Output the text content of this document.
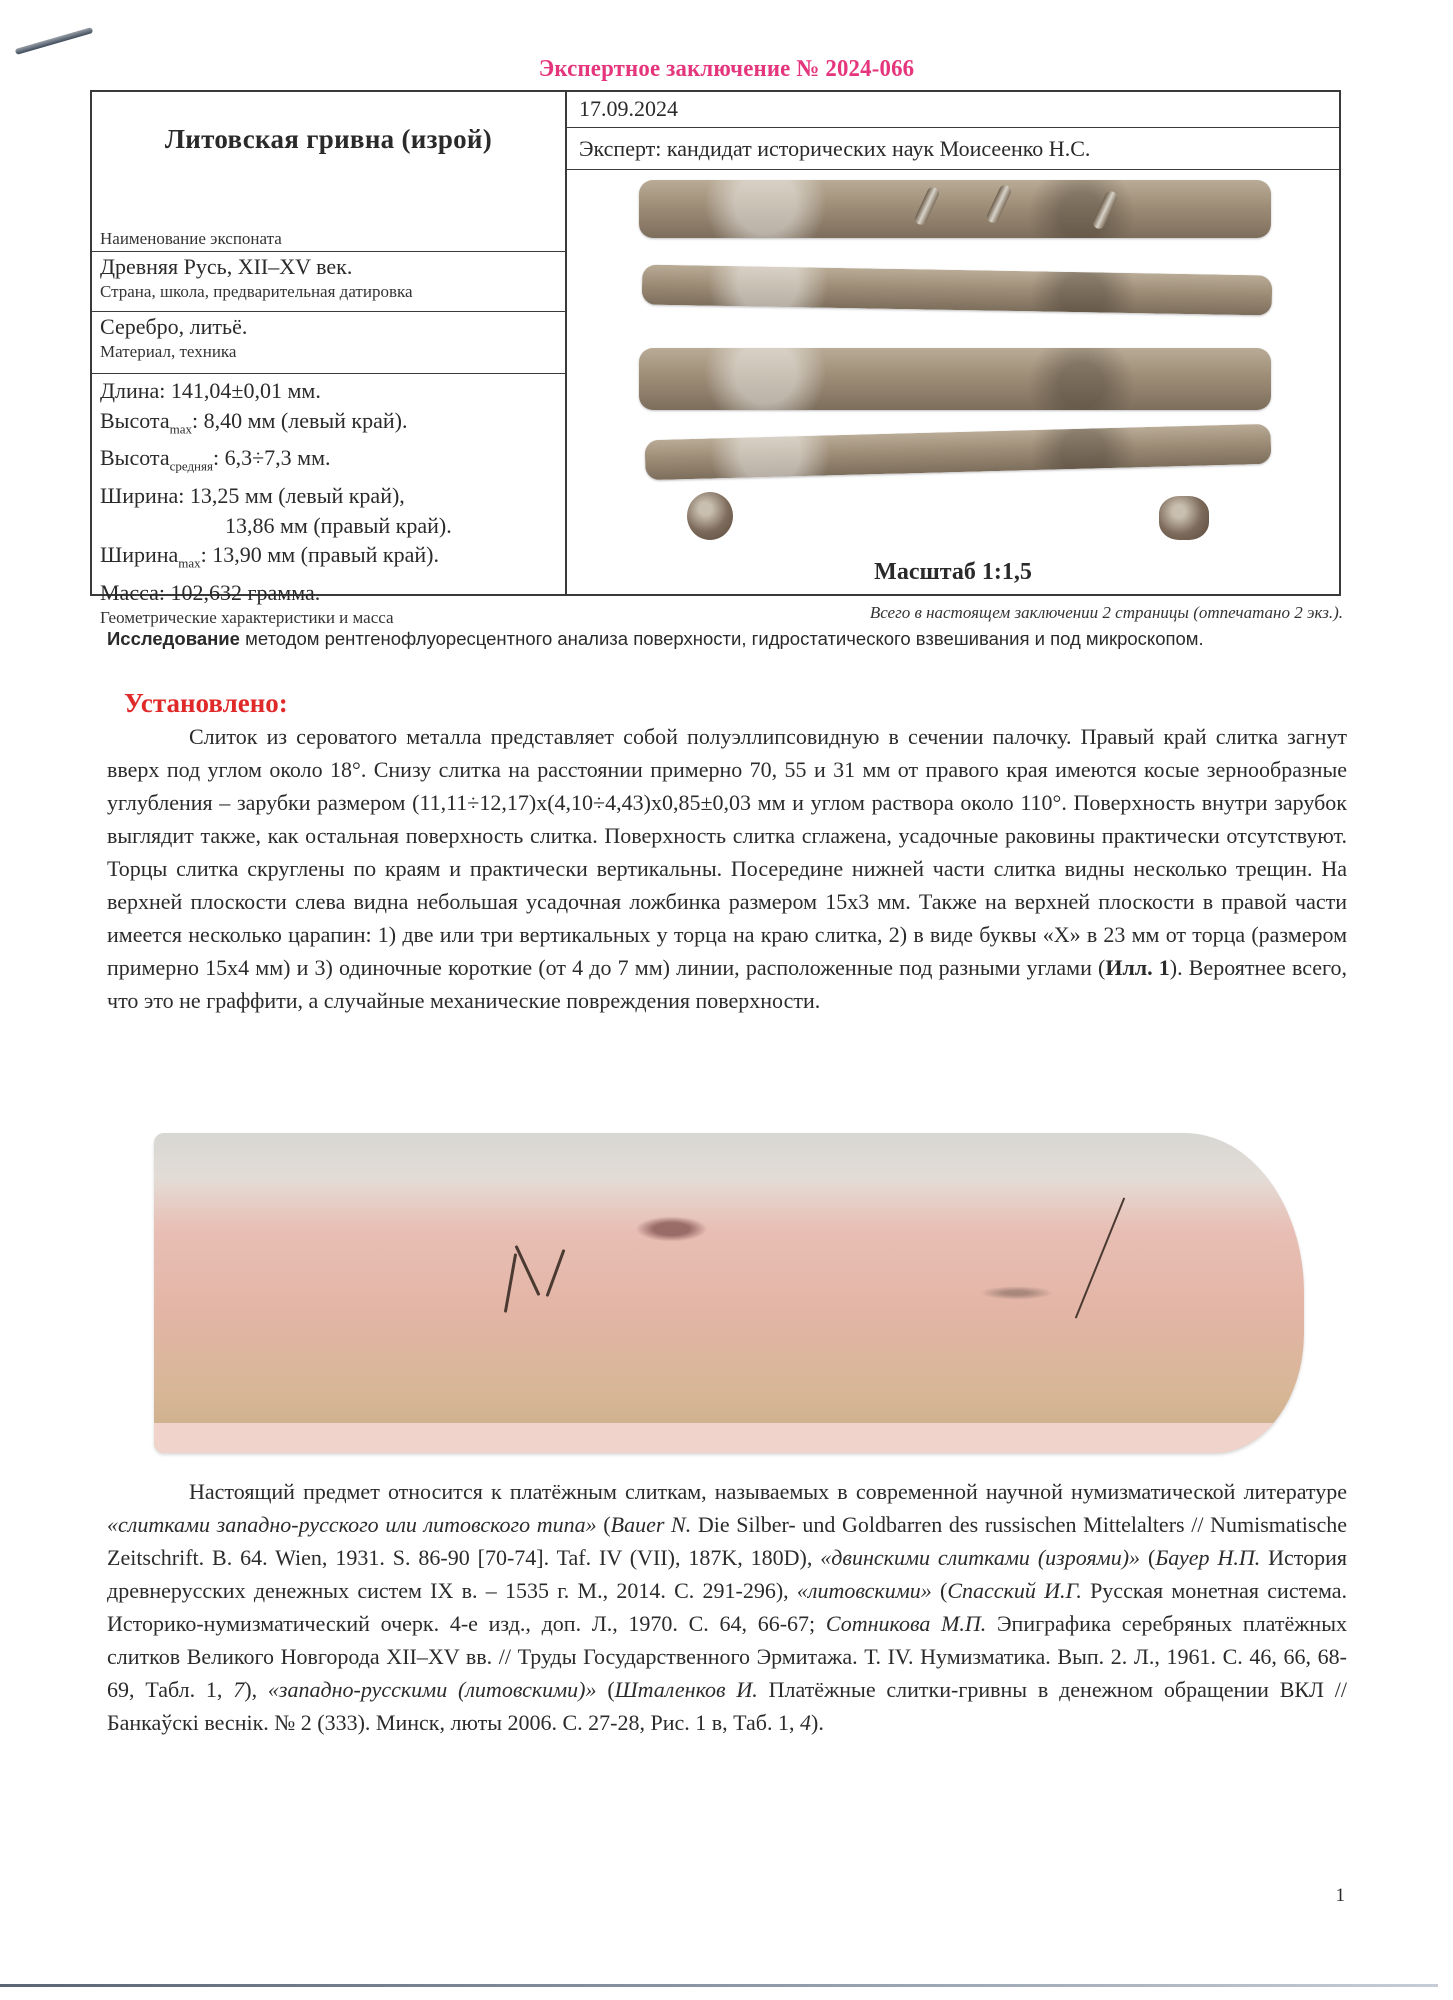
Экспертное заключение № 2024-066
Литовская гривна (изрой)
Наименование экспоната
Древняя Русь, XII–XV век.
Страна, школа, предварительная датировка
Серебро, литьё.
Материал, техника
Длина: 141,04±0,01 мм.
Высота$_{max}$: 8,40 мм (левый край).
Высота$_{средняя}$: 6,3÷7,3 мм.
Ширина: 13,25 мм (левый край),
13,86 мм (правый край).
Ширина$_{max}$: 13,90 мм (правый край).
Масса: 102,632 грамма.
Геометрические характеристики и масса
17.09.2024
Эксперт: кандидат исторических наук Моисеенко Н.С.
Масштаб 1:1,5
Всего в настоящем заключении 2 страницы (отпечатано 2 экз.).
Исследование методом рентгенофлуоресцентного анализа поверхности, гидростатического взвешивания и под микроскопом.
Установлено:

Слиток из сероватого металла представляет собой полуэллипсовидную в сечении палочку. Правый край слитка загнут вверх под углом около 18°. Снизу слитка на расстоянии примерно 70, 55 и 31 мм от правого края имеются косые зернообразные углубления – зарубки размером (11,11÷12,17)х(4,10÷4,43)х0,85±0,03 мм и углом раствора около 110°. Поверхность внутри зарубок выглядит также, как остальная поверхность слитка. Поверхность слитка сглажена, усадочные раковины практически отсутствуют. Торцы слитка скруглены по краям и практически вертикальны. Посередине нижней части слитка видны несколько трещин. На верхней плоскости слева видна небольшая усадочная ложбинка размером 15х3 мм. Также на верхней плоскости в правой части имеется несколько царапин: 1) две или три вертикальных у торца на краю слитка, 2) в виде буквы «Х» в 23 мм от торца (размером примерно 15х4 мм) и 3) одиночные короткие (от 4 до 7 мм) линии, расположенные под разными углами (Илл. 1). Вероятнее всего, что это не граффити, а случайные механические повреждения поверхности.

Настоящий предмет относится к платёжным слиткам, называемых в современной научной нумизматической литературе «слитками западно-русского или литовского типа» (Bauer N. Die Silber- und Goldbarren des russischen Mittelalters // Numismatische Zeitschrift. B. 64. Wien, 1931. S. 86-90 [70-74]. Taf. IV (VII), 187K, 180D), «двинскими слитками (изроями)» (Бауер Н.П. История древнерусских денежных систем IX в. – 1535 г. М., 2014. С. 291-296), «литовскими» (Спасский И.Г. Русская монетная система. Историко-нумизматический очерк. 4-е изд., доп. Л., 1970. С. 64, 66-67; Сотникова М.П. Эпиграфика серебряных платёжных слитков Великого Новгорода XII–XV вв. // Труды Государственного Эрмитажа. Т. IV. Нумизматика. Вып. 2. Л., 1961. С. 46, 66, 68-69, Табл. 1, 7), «западно-русскими (литовскими)» (Шталенков И. Платёжные слитки-гривны в денежном обращении ВКЛ // Банкаўскі веснік. № 2 (333). Минск, люты 2006. С. 27-28, Рис. 1 в, Таб. 1, 4).

1
